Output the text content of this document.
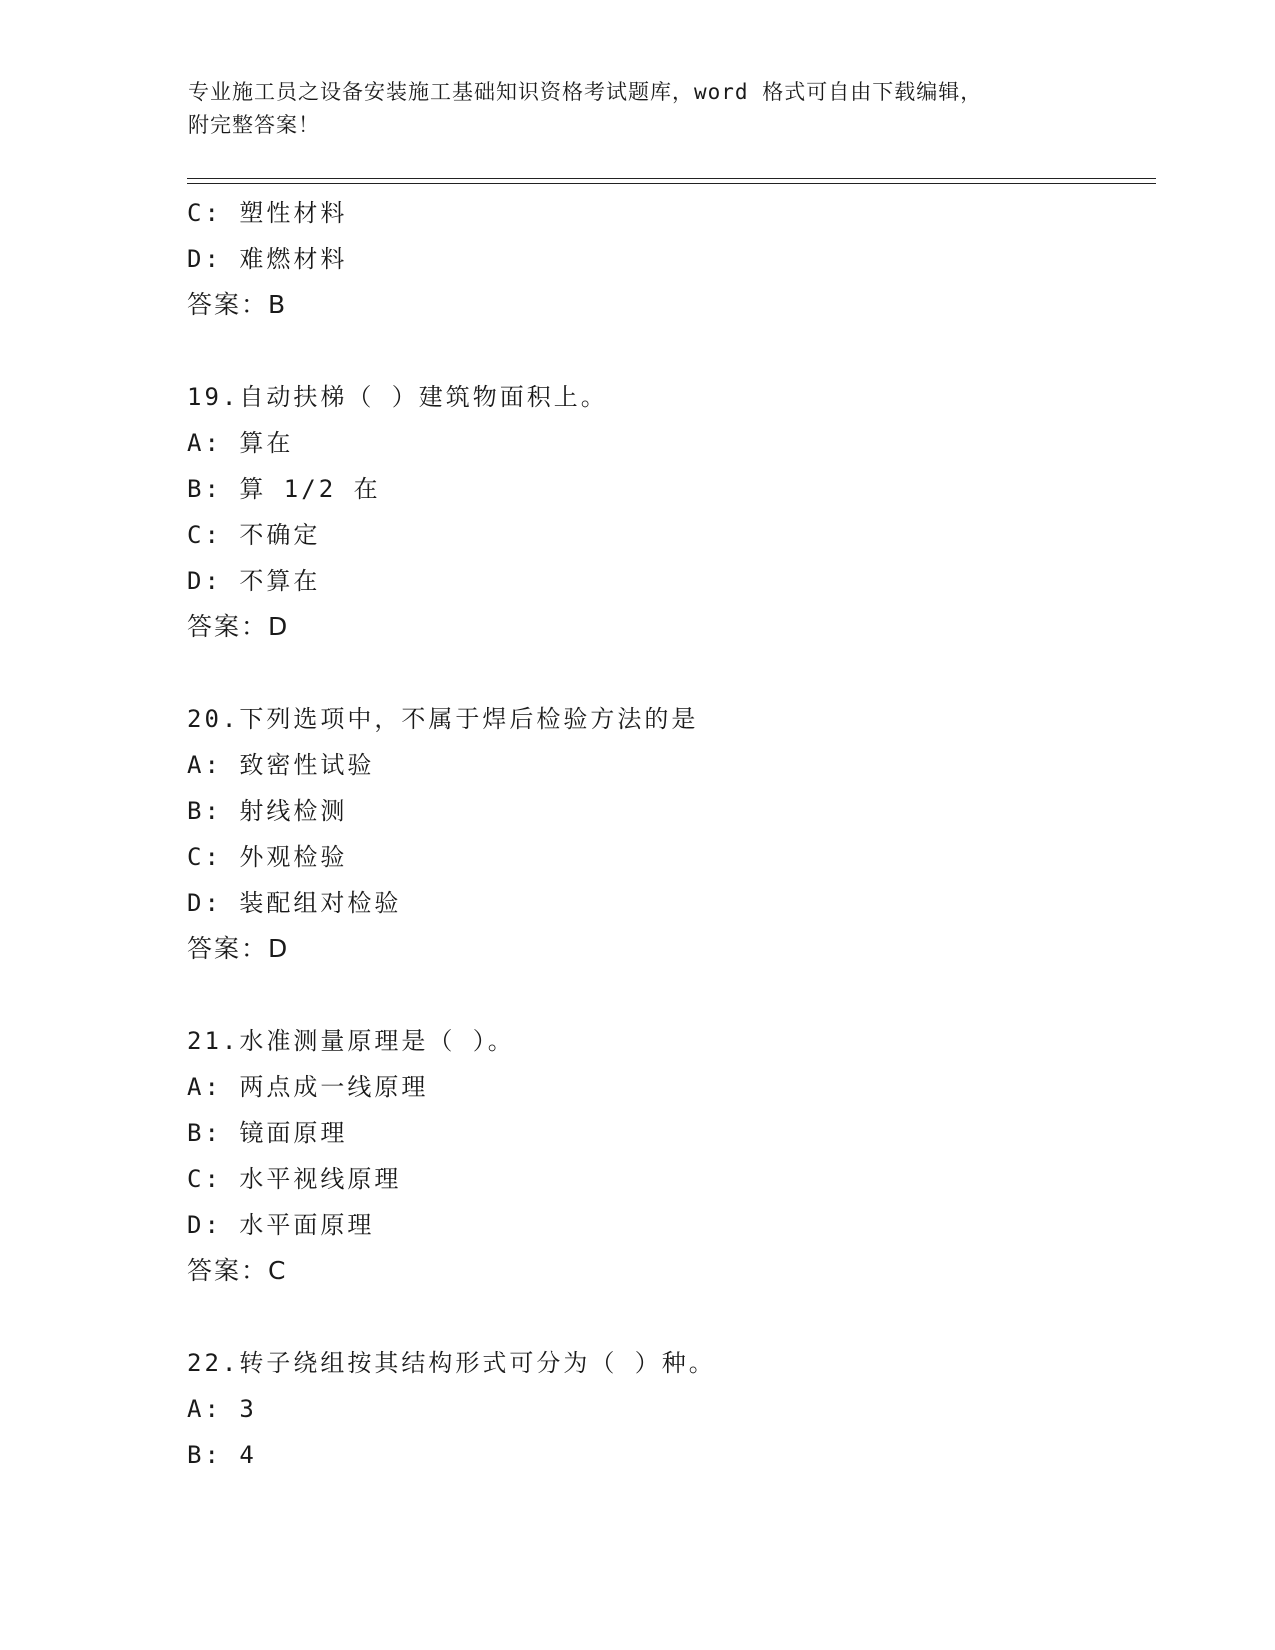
专业施工员之设备安装施工基础知识资格考试题库，word 格式可自由下载编辑，
附完整答案！
C: 塑性材料
D: 难燃材料
答案：B
19.自动扶梯（ ）建筑物面积上。
A: 算在
B: 算 1/2 在
C: 不确定
D: 不算在
答案：D
20.下列选项中，不属于焊后检验方法的是
A: 致密性试验
B: 射线检测
C: 外观检验
D: 装配组对检验
答案：D
21.水准测量原理是（ ）。
A: 两点成一线原理
B: 镜面原理
C: 水平视线原理
D: 水平面原理
答案：C
22.转子绕组按其结构形式可分为（ ）种。
A: 3
B: 4
